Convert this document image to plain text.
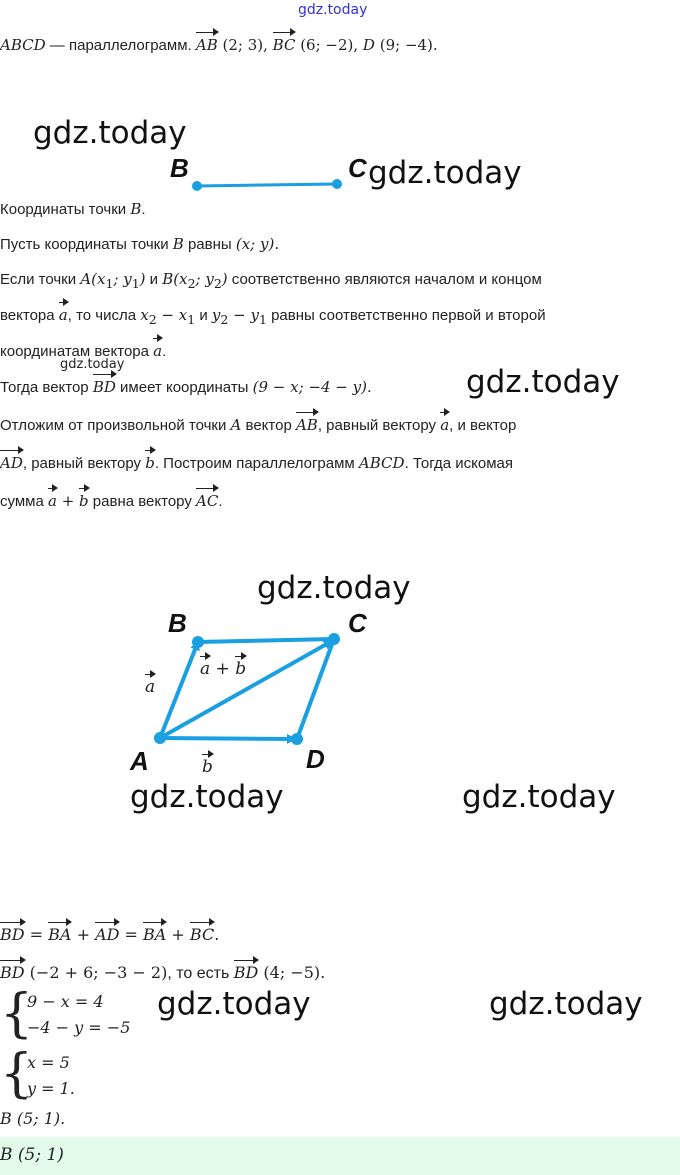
gdz.today
ABCD — параллелограмм. AB (2; 3), BC (6; −2), D (9; −4).
gdz.today
B	C gdz.today
Координаты точки B.
Пусть координаты точки B равны (x; y).
Если точки $A(x_1$; $y_1$) и $B(x_2$; $y_2$) соответственно являются началом и концом
вектора a, то числа $x_2 - x_1$ и $y_2 - y_1$ равны соответственно первой и второй
координатам вектора a.
gdz.today
Тогда вектор BD имеет координаты (9 − x; −4 − y).	gdz.today
Отложим от произвольной точки A вектор AB, равный вектору a, и вектор
AD, равный вектору b. Построим параллелограмм ABCD. Тогда искомая
сумма a + b равна вектору AC.
gdz.today
B	C
A	D
a
b
a + b
gdz.today	gdz.today
BD = BA + AD = BA + BC.
BD (−2 + 6; −3 − 2), то есть BD (4; −5).
{
9 − x = 4
−4 − y = −5
gdz.today	gdz.today
{
x = 5
y = 1.
B (5; 1).
B (5; 1)
